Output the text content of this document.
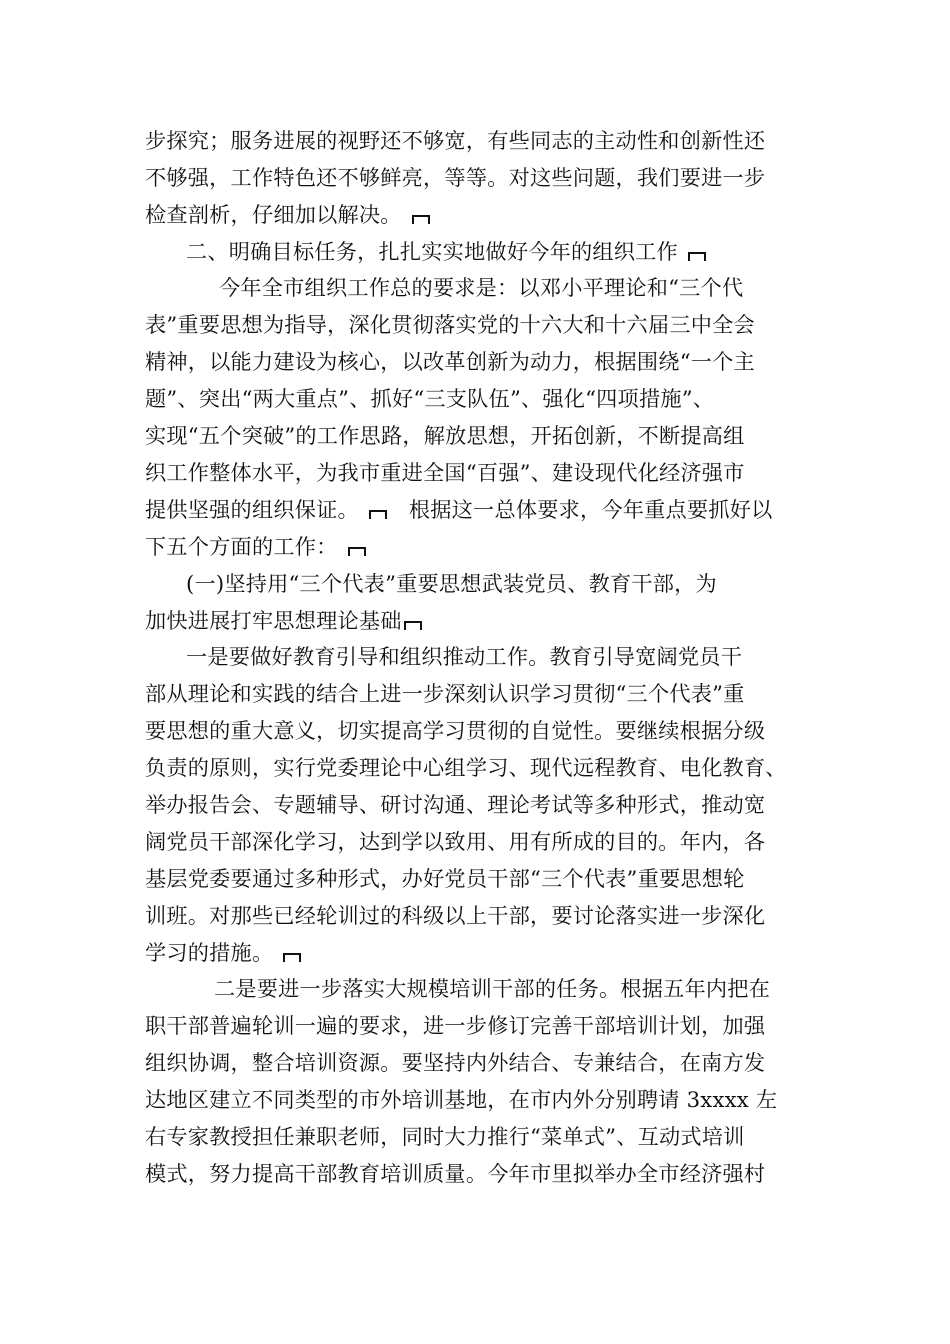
步探究；服务进展的视野还不够宽，有些同志的主动性和创新性还
不够强，工作特色还不够鲜亮，等等。对这些问题，我们要进一步
检查剖析，仔细加以解决。
二、明确目标任务，扎扎实实地做好今年的组织工作
今年全市组织工作总的要求是：以邓小平理论和“三个代
表”重要思想为指导，深化贯彻落实党的十六大和十六届三中全会
精神，以能力建设为核心，以改革创新为动力，根据围绕“一个主
题”、突出“两大重点”、抓好“三支队伍”、强化“四项措施”、
实现“五个突破”的工作思路，解放思想，开拓创新，不断提高组
织工作整体水平，为我市重进全国“百强”、建设现代化经济强市
提供坚强的组织保证。 根据这一总体要求，今年重点要抓好以
下五个方面的工作：
(一)坚持用“三个代表”重要思想武装党员、教育干部，为
加快进展打牢思想理论基础
一是要做好教育引导和组织推动工作。教育引导宽阔党员干
部从理论和实践的结合上进一步深刻认识学习贯彻“三个代表”重
要思想的重大意义，切实提高学习贯彻的自觉性。要继续根据分级
负责的原则，实行党委理论中心组学习、现代远程教育、电化教育、
举办报告会、专题辅导、研讨沟通、理论考试等多种形式，推动宽
阔党员干部深化学习，达到学以致用、用有所成的目的。年内，各
基层党委要通过多种形式，办好党员干部“三个代表”重要思想轮
训班。对那些已经轮训过的科级以上干部，要讨论落实进一步深化
学习的措施。
二是要进一步落实大规模培训干部的任务。根据五年内把在
职干部普遍轮训一遍的要求，进一步修订完善干部培训计划，加强
组织协调，整合培训资源。要坚持内外结合、专兼结合，在南方发
达地区建立不同类型的市外培训基地，在市内外分别聘请 3xxxx 左
右专家教授担任兼职老师，同时大力推行“菜单式”、互动式培训
模式，努力提高干部教育培训质量。今年市里拟举办全市经济强村
